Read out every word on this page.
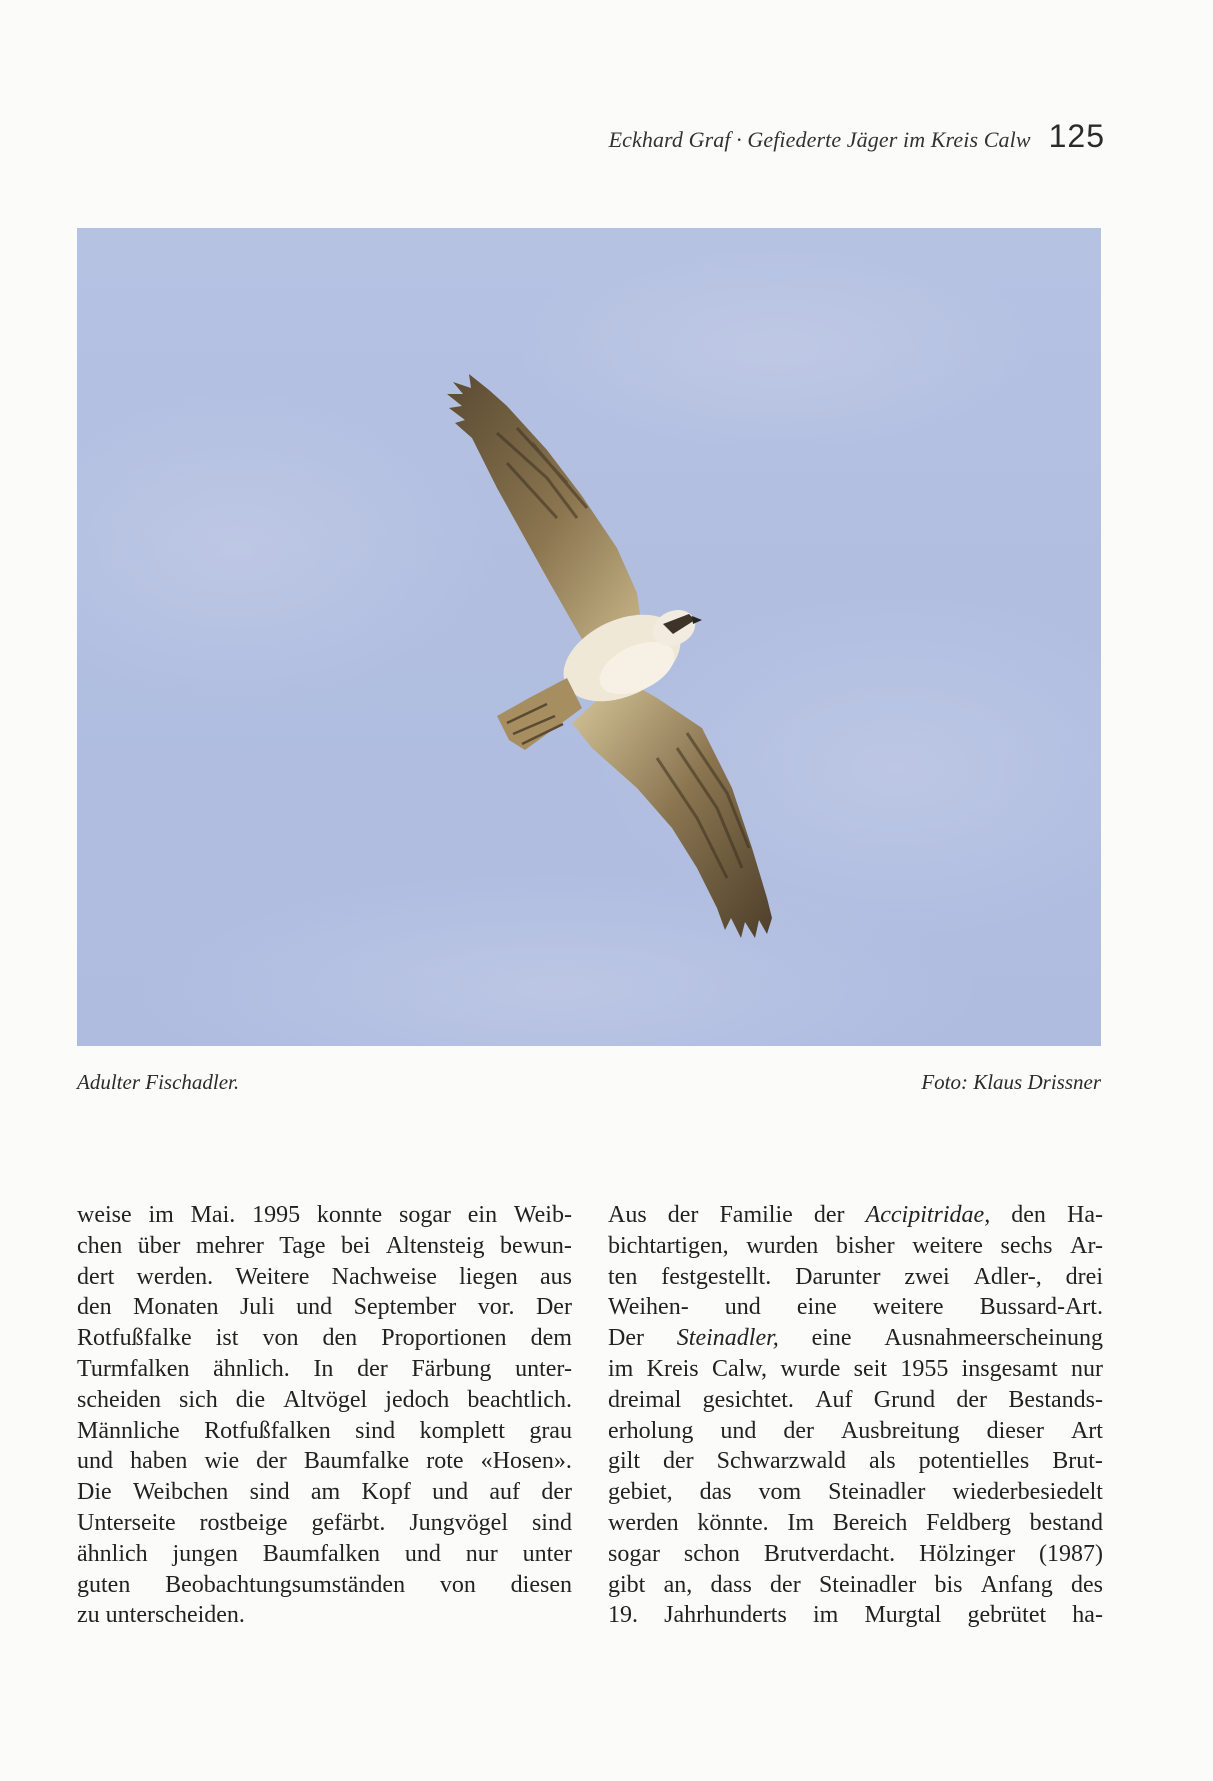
Eckhard Graf · Gefiederte Jäger im Kreis Calw 125
Adulter Fischadler.	Foto: Klaus Drissner
weise im Mai. 1995 konnte sogar ein Weib-
chen über mehrer Tage bei Altensteig bewun-
dert werden. Weitere Nachweise liegen aus
den Monaten Juli und September vor. Der
Rotfußfalke ist von den Proportionen dem
Turmfalken ähnlich. In der Färbung unter-
scheiden sich die Altvögel jedoch beachtlich.
Männliche Rotfußfalken sind komplett grau
und haben wie der Baumfalke rote «Hosen».
Die Weibchen sind am Kopf und auf der
Unterseite rostbeige gefärbt. Jungvögel sind
ähnlich jungen Baumfalken und nur unter
guten Beobachtungsumständen von diesen
zu unterscheiden.
Aus der Familie der Accipitridae, den Ha-
bichtartigen, wurden bisher weitere sechs Ar-
ten festgestellt. Darunter zwei Adler-, drei
Weihen- und eine weitere Bussard-Art.
Der Steinadler, eine Ausnahmeerscheinung
im Kreis Calw, wurde seit 1955 insgesamt nur
dreimal gesichtet. Auf Grund der Bestands-
erholung und der Ausbreitung dieser Art
gilt der Schwarzwald als potentielles Brut-
gebiet, das vom Steinadler wiederbesiedelt
werden könnte. Im Bereich Feldberg bestand
sogar schon Brutverdacht. Hölzinger (1987)
gibt an, dass der Steinadler bis Anfang des
19. Jahrhunderts im Murgtal gebrütet ha-
